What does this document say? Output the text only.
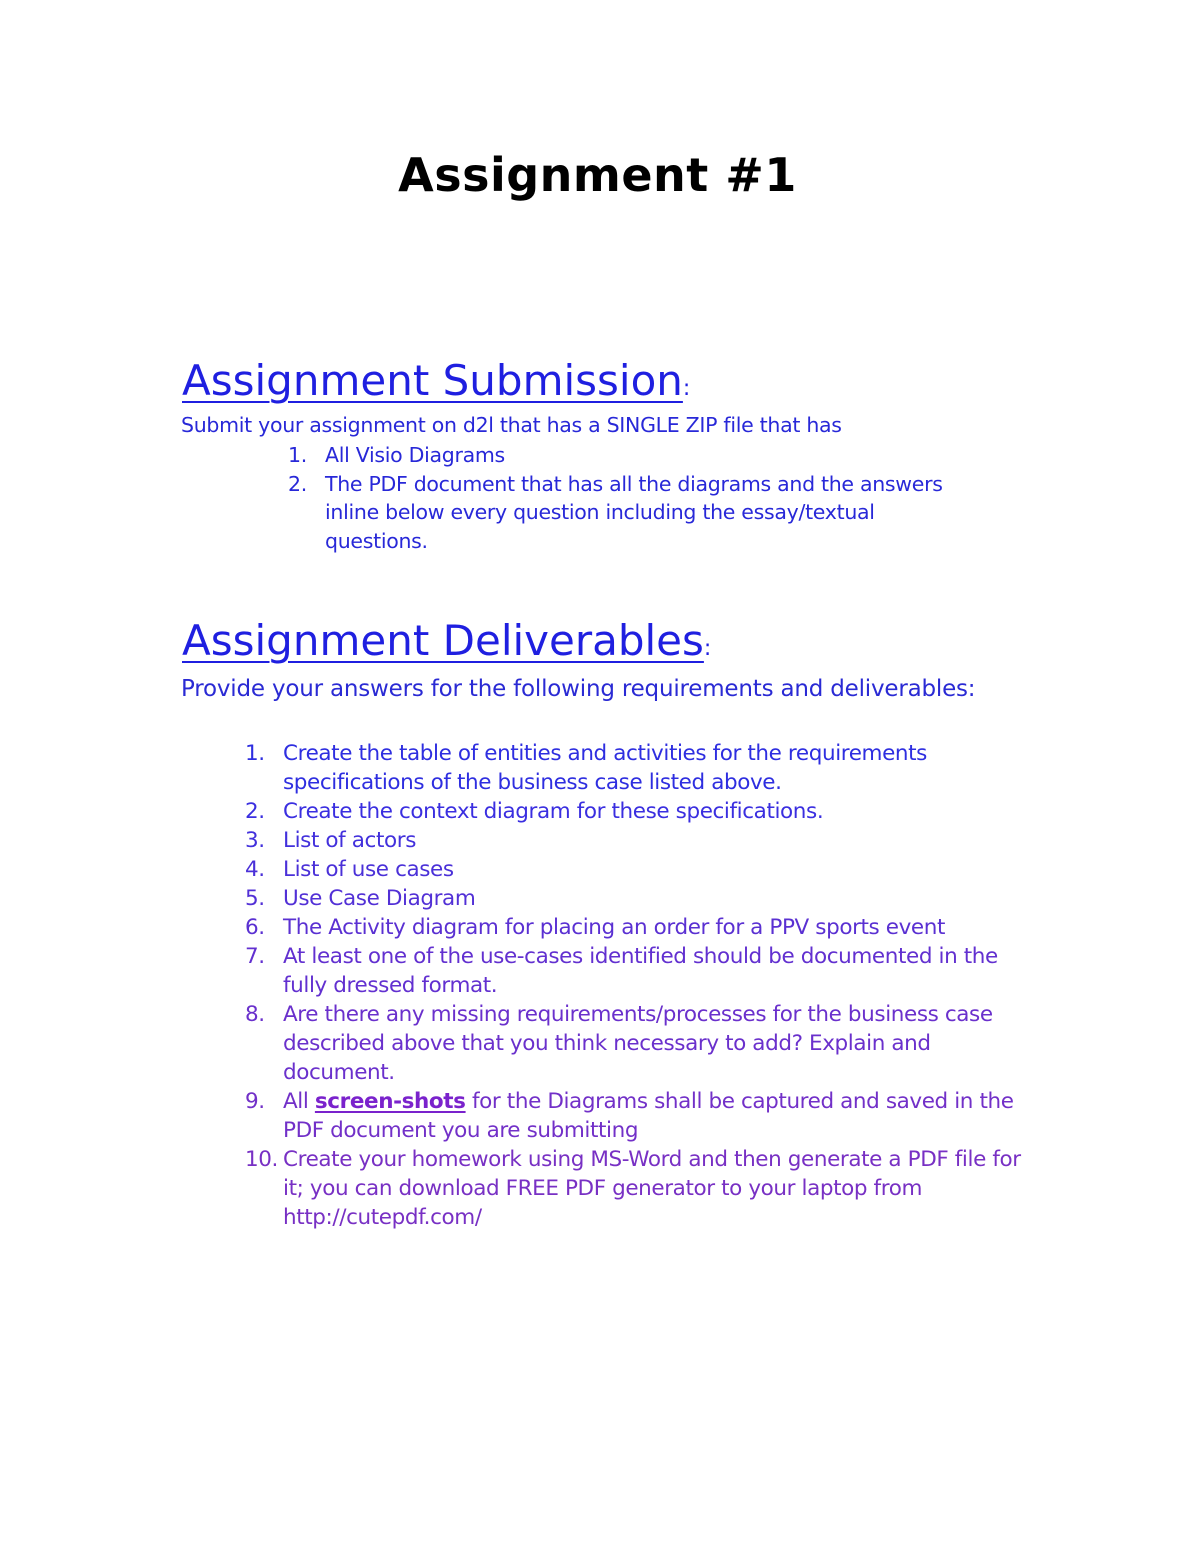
Assignment #1
Assignment Submission:
Submit your assignment on d2l that has a SINGLE ZIP file that has
1. All Visio Diagrams
2. The PDF document that has all the diagrams and the answers inline below every question including the essay/textual questions.
Assignment Deliverables:
Provide your answers for the following requirements and deliverables:
1. Create the table of entities and activities for the requirements specifications of the business case listed above.
2. Create the context diagram for these specifications.
3. List of actors
4. List of use cases
5. Use Case Diagram
6. The Activity diagram for placing an order for a PPV sports event
7. At least one of the use-cases identified should be documented in the fully dressed format.
8. Are there any missing requirements/processes for the business case described above that you think necessary to add? Explain and document.
9. All screen-shots for the Diagrams shall be captured and saved in the PDF document you are submitting
10. Create your homework using MS-Word and then generate a PDF file for it; you can download FREE PDF generator to your laptop from http://cutepdf.com/
